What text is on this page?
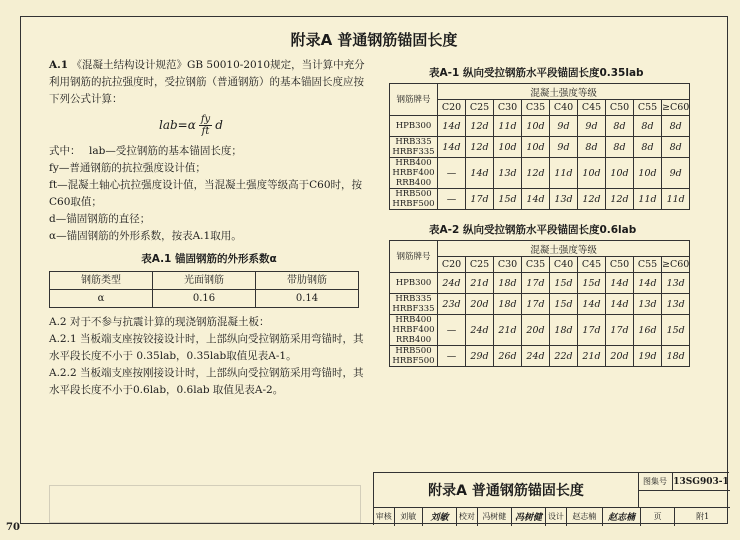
附录A 普通钢筋锚固长度

A.1 《混凝土结构设计规范》GB 50010-2010规定，当计算中充分利用钢筋的抗拉强度时，受拉钢筋（普通钢筋）的基本锚固长度应按下列公式计算：

$lab=\alpha \frac{fy}{ft}$ d
式中： lab—受拉钢筋的基本锚固长度；
fy—普通钢筋的抗拉强度设计值；
ft—混凝土轴心抗拉强度设计值，当混凝土强度等级高于C60时，按C60取值；
d—锚固钢筋的直径；
α—锚固钢筋的外形系数，按表A.1取用。
表A.1 锚固钢筋的外形系数α
钢筋类型	光面钢筋	带肋钢筋
α	0.16	0.14

A.2 对于不参与抗震计算的现浇钢筋混凝土板：

A.2.1 当板端支座按铰接设计时，上部纵向受拉钢筋采用弯锚时，其水平段长度不小于 0.35lab，0.35lab取值见表A-1。

A.2.2 当板端支座按刚接设计时，上部纵向受拉钢筋采用弯锚时，其水平段长度不小于0.6lab，0.6lab 取值见表A-2。

表A-1 纵向受拉钢筋水平段锚固长度0.35lab
钢筋牌号	混凝土强度等级								
	C20	C25	C30	C35	C40	C45	C50	C55	≥C60
HPB300	14d	12d	11d	10d	9d	9d	8d	8d	8d
HRB335 HRBF335	14d	12d	10d	10d	9d	8d	8d	8d	8d
HRB400 HRBF400 RRB400	—	14d	13d	12d	11d	10d	10d	10d	9d
HRB500 HRBF500	—	17d	15d	14d	13d	12d	12d	11d	11d
表A-2 纵向受拉钢筋水平段锚固长度0.6lab
钢筋牌号	混凝土强度等级								
	C20	C25	C30	C35	C40	C45	C50	C55	≥C60
HPB300	24d	21d	18d	17d	15d	15d	14d	14d	13d
HRB335 HRBF335	23d	20d	18d	17d	15d	14d	14d	13d	13d
HRB400 HRBF400 RRB400	—	24d	21d	20d	18d	17d	17d	16d	15d
HRB500 HRBF500	—	29d	26d	24d	22d	21d	20d	19d	18d
附录A 普通钢筋锚固长度
图集号 13SG903-1
审核	刘敏	刘敏	校对 冯树健 冯树健 设计	赵志楠	赵志楠	页	附1
70
